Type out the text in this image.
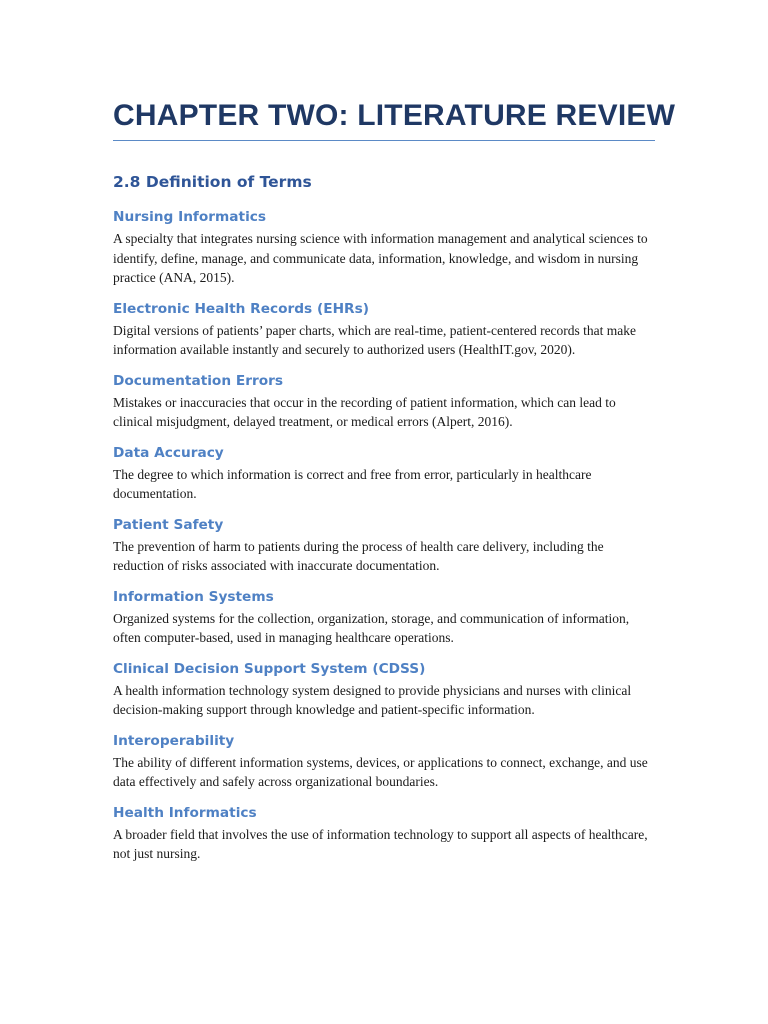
CHAPTER TWO: LITERATURE REVIEW
2.8 Definition of Terms
Nursing Informatics

A specialty that integrates nursing science with information management and analytical sciences to identify, define, manage, and communicate data, information, knowledge, and wisdom in nursing practice (ANA, 2015).

Electronic Health Records (EHRs)

Digital versions of patients’ paper charts, which are real-time, patient-centered records that make information available instantly and securely to authorized users (HealthIT.gov, 2020).

Documentation Errors

Mistakes or inaccuracies that occur in the recording of patient information, which can lead to clinical misjudgment, delayed treatment, or medical errors (Alpert, 2016).

Data Accuracy

The degree to which information is correct and free from error, particularly in healthcare documentation.

Patient Safety

The prevention of harm to patients during the process of health care delivery, including the reduction of risks associated with inaccurate documentation.

Information Systems

Organized systems for the collection, organization, storage, and communication of information, often computer-based, used in managing healthcare operations.

Clinical Decision Support System (CDSS)

A health information technology system designed to provide physicians and nurses with clinical decision-making support through knowledge and patient-specific information.

Interoperability

The ability of different information systems, devices, or applications to connect, exchange, and use data effectively and safely across organizational boundaries.

Health Informatics

A broader field that involves the use of information technology to support all aspects of healthcare, not just nursing.
